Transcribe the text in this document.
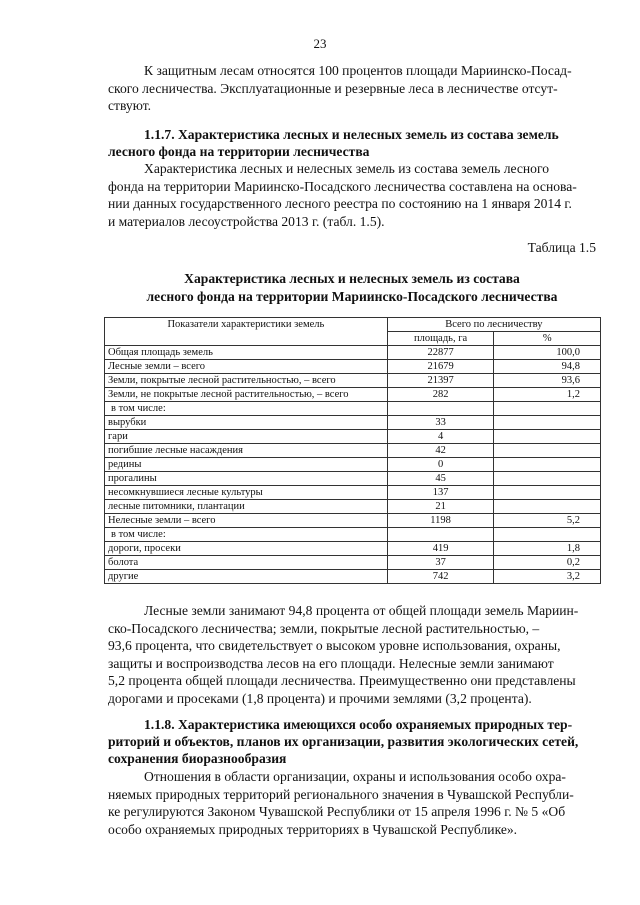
23

К защитным лесам относятся 100 процентов площади Мариинско-Посад-
ского лесничества. Эксплуатационные и резервные леса в лесничестве отсут-
ствуют.

1.1.7. Характеристика лесных и нелесных земель из состава земель
лесного фонда на территории лесничества

Характеристика лесных и нелесных земель из состава земель лесного
фонда на территории Мариинско-Посадского лесничества составлена на основа-
нии данных государственного лесного реестра по состоянию на 1 января 2014 г.
и материалов лесоустройства 2013 г. (табл. 1.5).

Таблица 1.5
Характеристика лесных и нелесных земель из состава
лесного фонда на территории Мариинско-Посадского лесничества
Показатели характеристики земель	Всего по лесничеству	
	площадь, га	%
Общая площадь земель	22877	100,0
Лесные земли – всего	21679	94,8
Земли, покрытые лесной растительностью, – всего	21397	93,6
Земли, не покрытые лесной растительностью, – всего	282	1,2
в том числе:		
вырубки	33	
гари	4	
погибшие лесные насаждения	42	
редины	0	
прогалины	45	
несомкнувшиеся лесные культуры	137	
лесные питомники, плантации	21	
Нелесные земли – всего	1198	5,2
в том числе:		
дороги, просеки	419	1,8
болота	37	0,2
другие	742	3,2

Лесные земли занимают 94,8 процента от общей площади земель Мариин-
ско-Посадского лесничества; земли, покрытые лесной растительностью, –
93,6 процента, что свидетельствует о высоком уровне использования, охраны,
защиты и воспроизводства лесов на его площади. Нелесные земли занимают
5,2 процента общей площади лесничества. Преимущественно они представлены
дорогами и просеками (1,8 процента) и прочими землями (3,2 процента).

1.1.8. Характеристика имеющихся особо охраняемых природных тер-
риторий и объектов, планов их организации, развития экологических сетей,
сохранения биоразнообразия

Отношения в области организации, охраны и использования особо охра-
няемых природных территорий регионального значения в Чувашской Республи-
ке регулируются Законом Чувашской Республики от 15 апреля 1996 г. № 5 «Об
особо охраняемых природных территориях в Чувашской Республике».
